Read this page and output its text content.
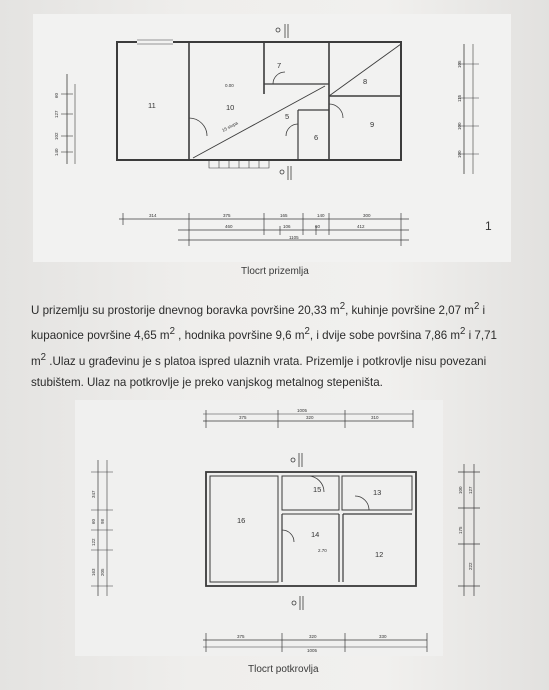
11	10
7
8
5
6
9
0.00
15 stupa
314	375	165	140	300
460	106	60	412
1105
60
127
102
140
105
115
100
100
1
Tlocrt prizemlja

U prizemlju su prostorije dnevnog boravka površine 20,33 $m^2$, kuhinje površine 2,07 $m^2$ i

kupaonice površine 4,65 $m^2$ , hodnika površine 9,6 $m^2$, i dvije sobe površina 7,86 $m^2$ i 7,71

$m^2$ .Ulaz u građevinu je s platoa ispred ulaznih vrata. Prizemlje i potkrovlje nisu povezani

stubištem. Ulaz na potkrovlje je preko vanjskog metalnog stepeništa.

16
15	13
14
12
2.70
375	320	310
1005
375	320	330
1005
347
60
122
163
98
205
100 127
175
222
Tlocrt potkrovlja
